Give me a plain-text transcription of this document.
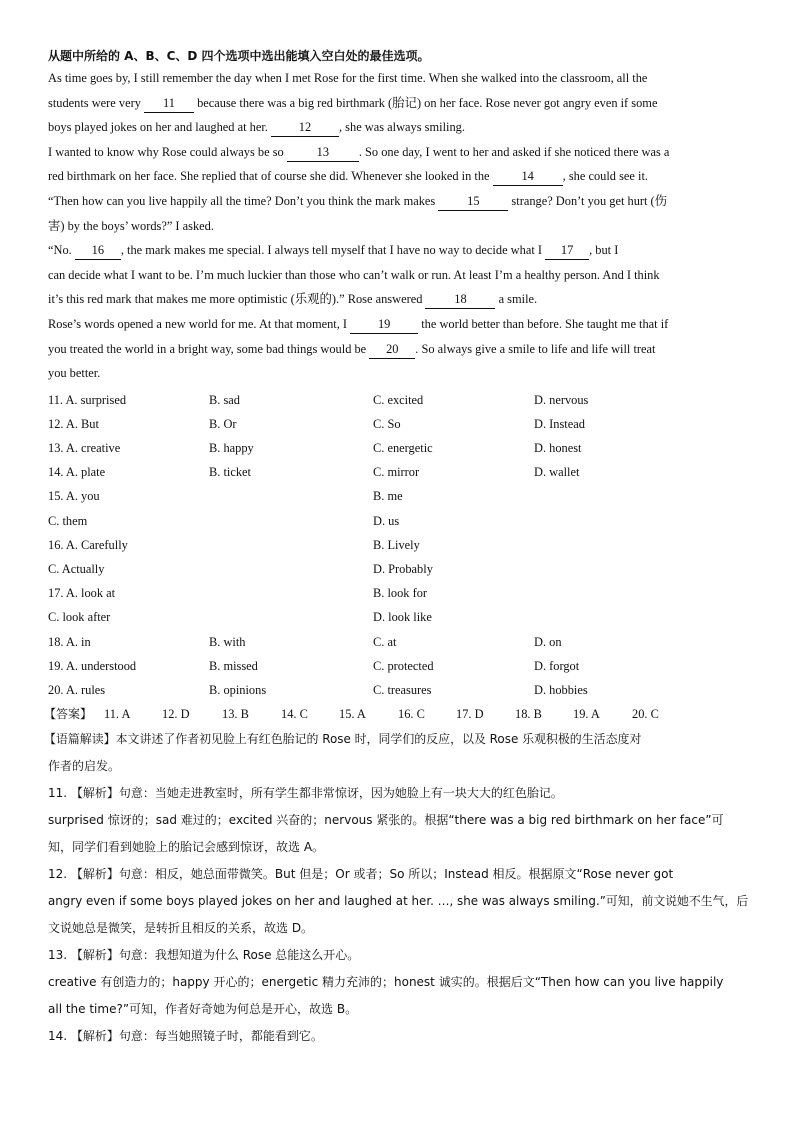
从题中所给的 A、B、C、D 四个选项中选出能填入空白处的最佳选项。
As time goes by, I still remember the day when I met Rose for the first time. When she walked into the classroom, all the
students were very 11 because there was a big red birthmark (胎记) on her face. Rose never got angry even if some
boys played jokes on her and laughed at her. 12 , she was always smiling.
I wanted to know why Rose could always be so 13 . So one day, I went to her and asked if she noticed there was a
red birthmark on her face. She replied that of course she did. Whenever she looked in the 14 , she could see it.
“Then how can you live happily all the time? Don’t you think the mark makes 15 strange? Don’t you get hurt (伤
害) by the boys’ words?” I asked.
“No. 16 , the mark makes me special. I always tell myself that I have no way to decide what I 17 , but I
can decide what I want to be. I’m much luckier than those who can’t walk or run. At least I’m a healthy person. And I think
it’s this red mark that makes me more optimistic (乐观的).” Rose answered 18 a smile.
Rose’s words opened a new world for me. At that moment, I 19 the world better than before. She taught me that if
you treated the world in a bright way, some bad things would be 20 . So always give a smile to life and life will treat
you better.
11. A. surprised	B. sad	C. excited	D. nervous
12. A. But	B. Or	C. So	D. Instead
13. A. creative	B. happy	C. energetic	D. honest
14. A. plate	B. ticket	C. mirror	D. wallet
15. A. you	B. me
C. them	D. us
16. A. Carefully	B. Lively
C. Actually	D. Probably
17. A. look at	B. look for
C. look after	D. look like
18. A. in	B. with	C. at	D. on
19. A. understood	B. missed	C. protected	D. forgot
20. A. rules	B. opinions	C. treasures	D. hobbies
【答案】 11. A	12. D	13. B	14. C	15. A	16. C	17. D	18. B	19. A	20. C
【语篇解读】本文讲述了作者初见脸上有红色胎记的 Rose 时，同学们的反应，以及 Rose 乐观积极的生活态度对
作者的启发。
11. 【解析】句意：当她走进教室时，所有学生都非常惊讶，因为她脸上有一块大大的红色胎记。
surprised 惊讶的；sad 难过的；excited 兴奋的；nervous 紧张的。根据“there was a big red birthmark on her face”可
知，同学们看到她脸上的胎记会感到惊讶，故选 A。
12. 【解析】句意：相反，她总面带微笑。But 但是；Or 或者；So 所以；Instead 相反。根据原文“Rose never got
angry even if some boys played jokes on her and laughed at her. …, she was always smiling.”可知，前文说她不生气，后
文说她总是微笑，是转折且相反的关系，故选 D。
13. 【解析】句意：我想知道为什么 Rose 总能这么开心。
creative 有创造力的；happy 开心的；energetic 精力充沛的；honest 诚实的。根据后文“Then how can you live happily
all the time?”可知，作者好奇她为何总是开心，故选 B。
14. 【解析】句意：每当她照镜子时，都能看到它。
